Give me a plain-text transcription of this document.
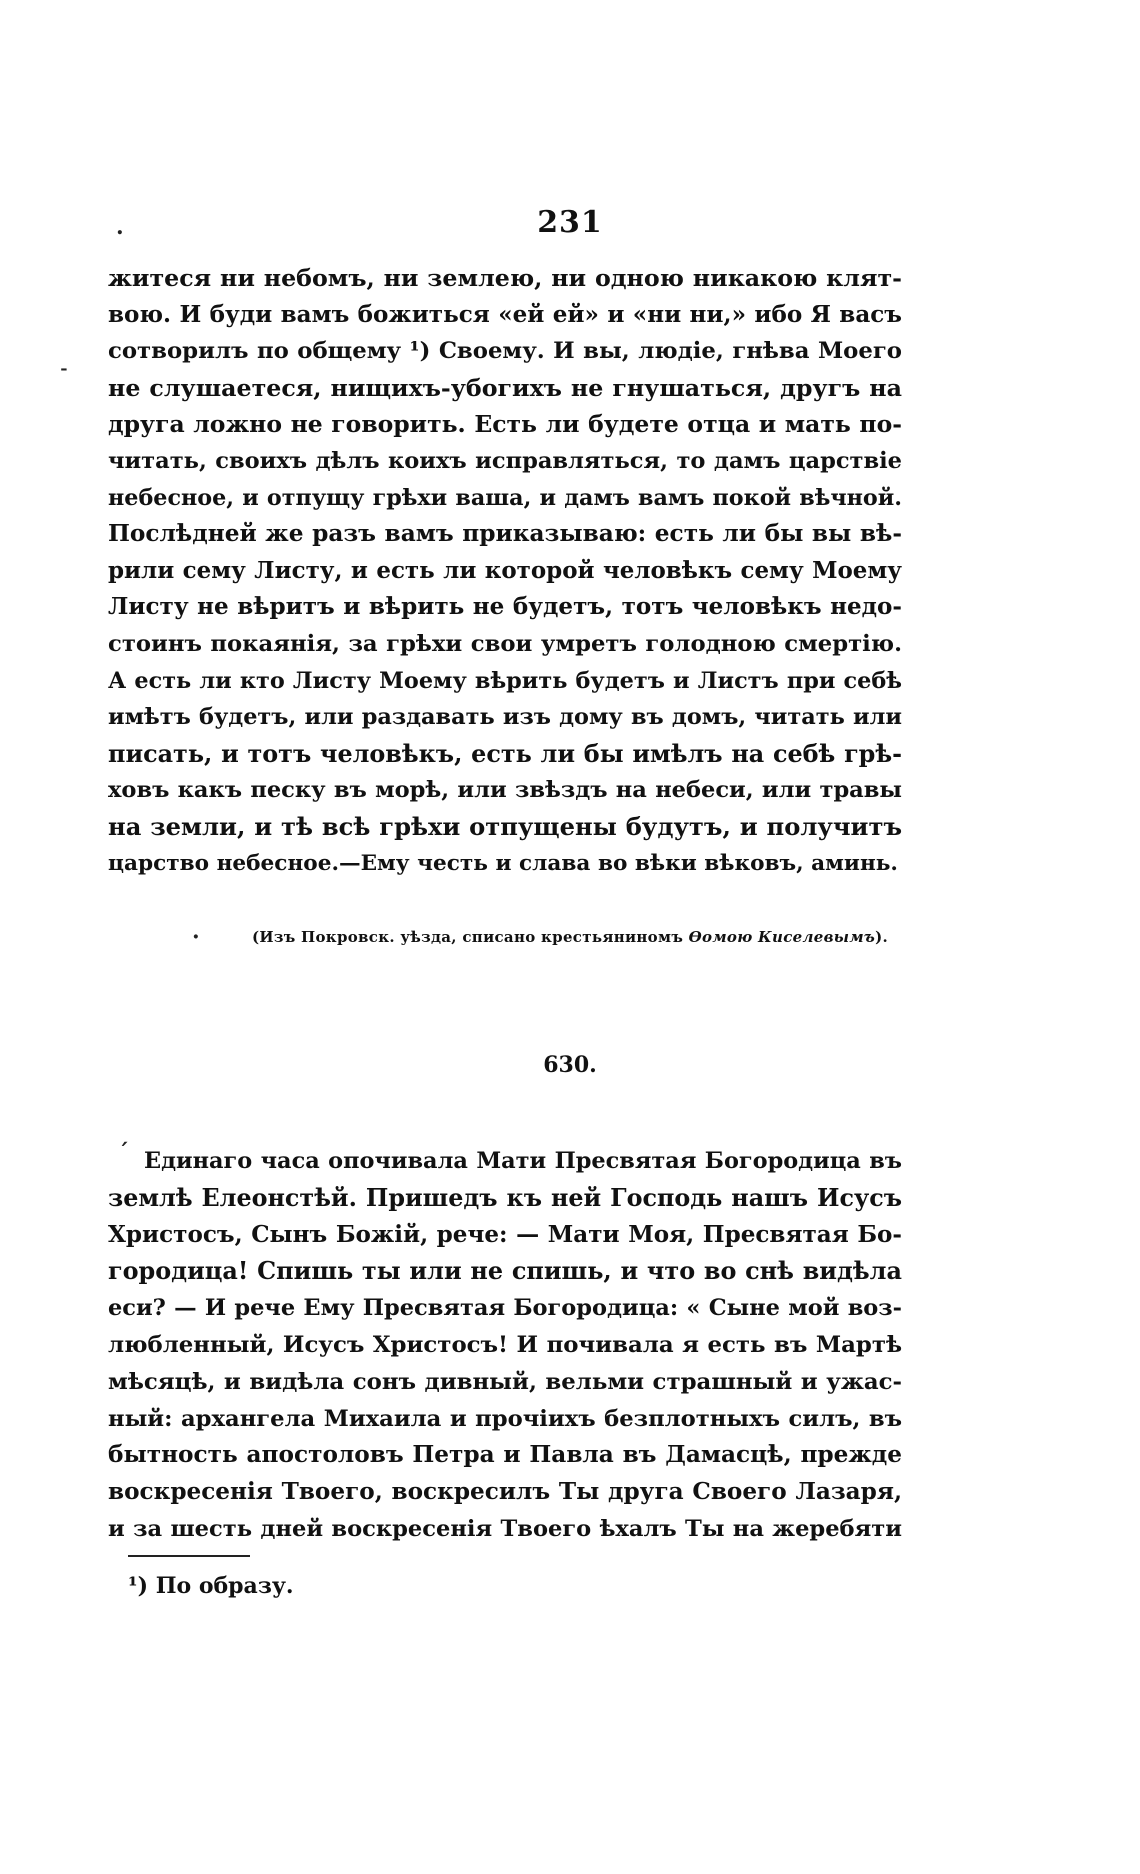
.
˗
·
ˊ
231
житеся ни небомъ, ни землею, ни одною никакою клят-
вою. И буди вамъ божиться «ей ей» и «ни ни,» ибо Я васъ
сотворилъ по общему ¹) Своему. И вы, людіе, гнѣва Моего
не слушаетеся, нищихъ-убогихъ не гнушаться, другъ на
друга ложно не говорить. Есть ли будете отца и мать по-
читать, своихъ дѣлъ коихъ исправляться, то дамъ царствіе
небесное, и отпущу грѣхи ваша, и дамъ вамъ покой вѣчной.
Послѣдней же разъ вамъ приказываю: есть ли бы вы вѣ-
рили сему Листу, и есть ли которой человѣкъ сему Моему
Листу не вѣритъ и вѣрить не будетъ, тотъ человѣкъ недо-
стоинъ покаянія, за грѣхи свои умретъ голодною смертію.
А есть ли кто Листу Моему вѣрить будетъ и Листъ при себѣ
имѣтъ будетъ, или раздавать изъ дому въ домъ, читать или
писать, и тотъ человѣкъ, есть ли бы имѣлъ на себѣ грѣ-
ховъ какъ песку въ морѣ, или звѣздъ на небеси, или травы
на земли, и тѣ всѣ грѣхи отпущены будутъ, и получитъ
царство небесное.—Ему честь и слава во вѣки вѣковъ, аминь.
(Изъ Покровск. уѣзда, списано крестьяниномъ Ѳомою Киселевымъ).
630.
Единаго часа опочивала Мати Пресвятая Богородица въ
землѣ Елеонстѣй. Пришедъ къ ней Господь нашъ Исусъ
Христосъ, Сынъ Божій, рече: — Мати Моя, Пресвятая Бо-
городица! Спишь ты или не спишь, и что во снѣ видѣла
еси? — И рече Ему Пресвятая Богородица: « Сыне мой воз-
любленный, Исусъ Христосъ! И почивала я есть въ Мартѣ
мѣсяцѣ, и видѣла сонъ дивный, вельми страшный и ужас-
ный: архангела Михаила и прочіихъ безплотныхъ силъ, въ
бытность апостоловъ Петра и Павла въ Дамасцѣ, прежде
воскресенія Твоего, воскресилъ Ты друга Своего Лазаря,
и за шесть дней воскресенія Твоего ѣхалъ Ты на жеребяти
¹) По образу.
